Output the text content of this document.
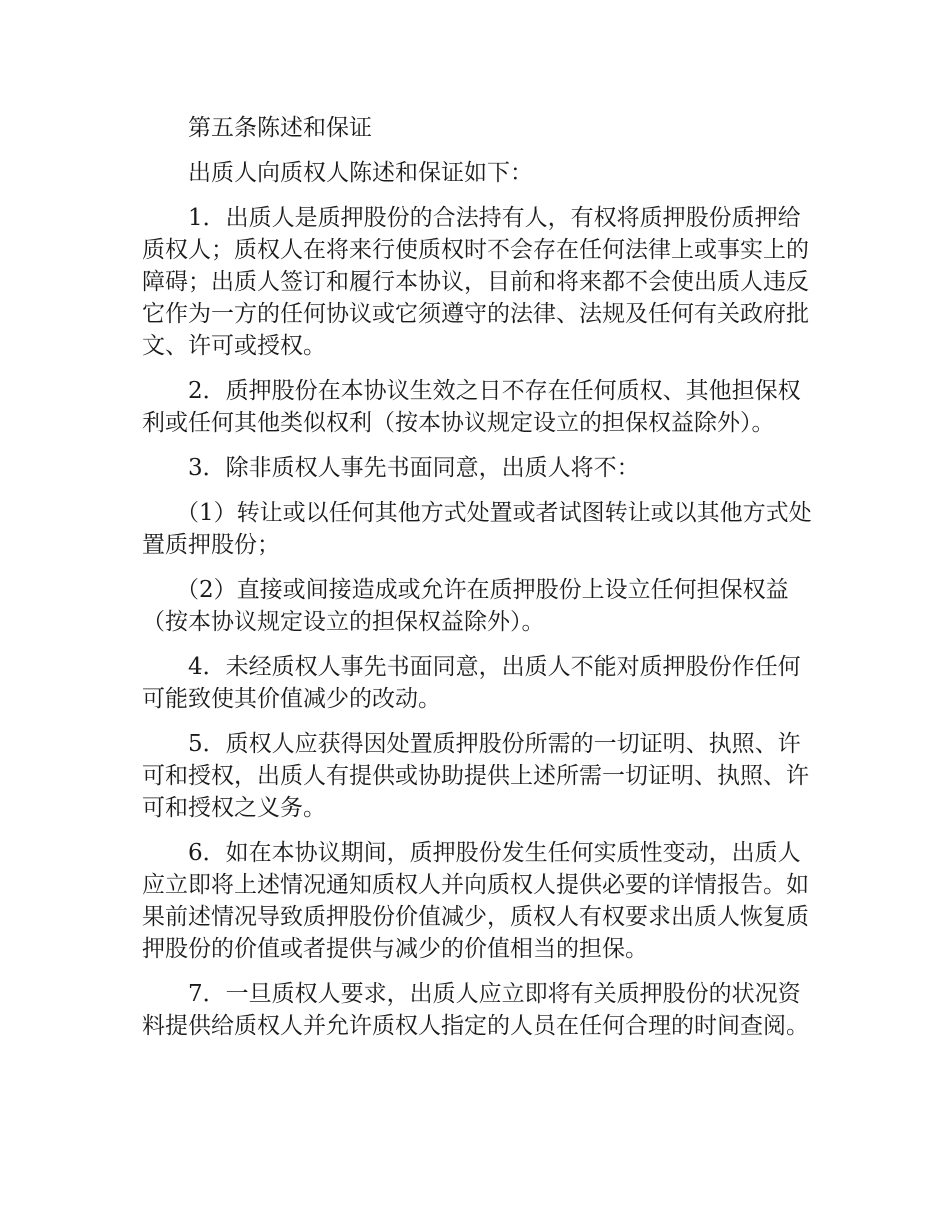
第五条陈述和保证

出质人向质权人陈述和保证如下：

1．出质人是质押股份的合法持有人，有权将质押股份质押给质权人；质权人在将来行使质权时不会存在任何法律上或事实上的障碍；出质人签订和履行本协议，目前和将来都不会使出质人违反它作为一方的任何协议或它须遵守的法律、法规及任何有关政府批文、许可或授权。

2．质押股份在本协议生效之日不存在任何质权、其他担保权利或任何其他类似权利（按本协议规定设立的担保权益除外）。

3．除非质权人事先书面同意，出质人将不：

（1）转让或以任何其他方式处置或者试图转让或以其他方式处置质押股份；

（2）直接或间接造成或允许在质押股份上设立任何担保权益（按本协议规定设立的担保权益除外）。

4．未经质权人事先书面同意，出质人不能对质押股份作任何可能致使其价值减少的改动。

5．质权人应获得因处置质押股份所需的一切证明、执照、许可和授权，出质人有提供或协助提供上述所需一切证明、执照、许可和授权之义务。

6．如在本协议期间，质押股份发生任何实质性变动，出质人应立即将上述情况通知质权人并向质权人提供必要的详情报告。如果前述情况导致质押股份价值减少，质权人有权要求出质人恢复质押股份的价值或者提供与减少的价值相当的担保。

7．一旦质权人要求，出质人应立即将有关质押股份的状况资料提供给质权人并允许质权人指定的人员在任何合理的时间查阅。
